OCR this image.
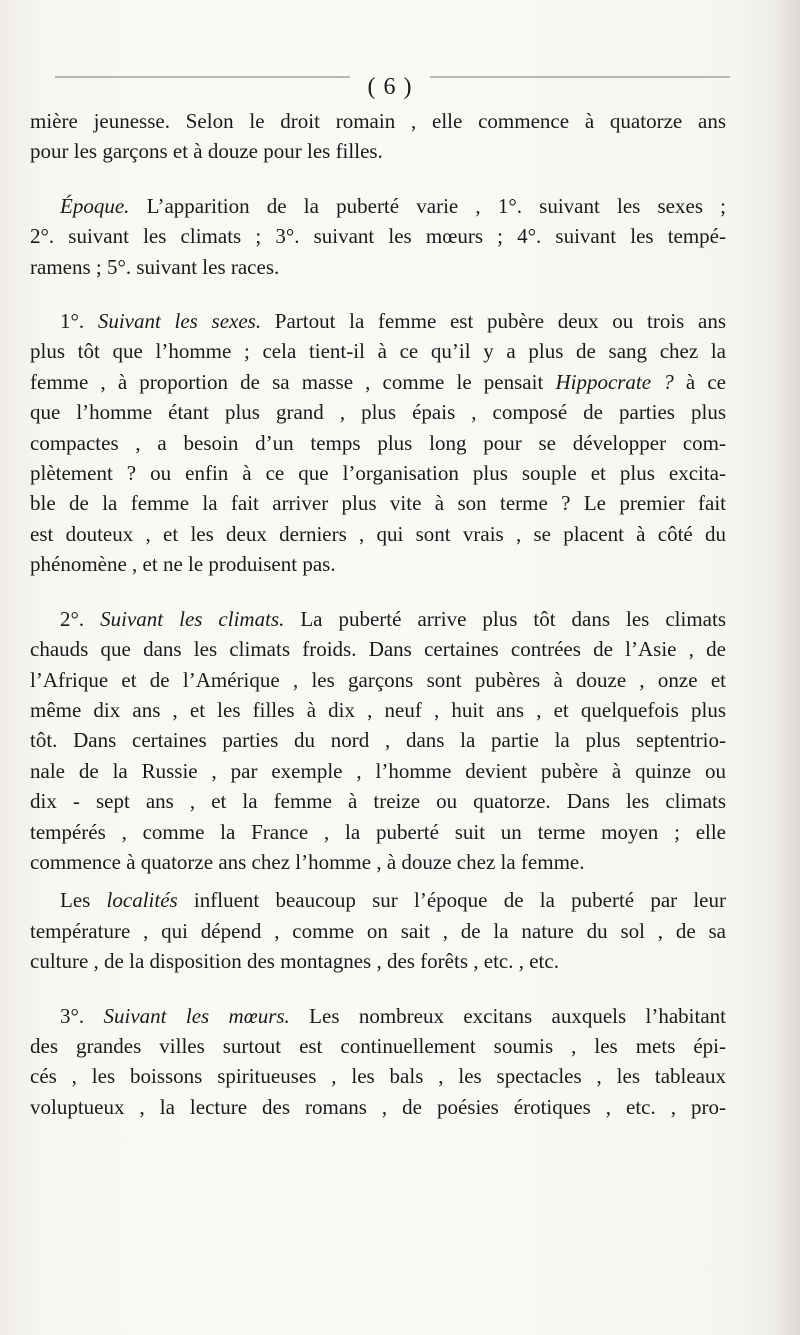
( 6 )
mière jeunesse. Selon le droit romain , elle commence à quatorze ans
pour les garçons et à douze pour les filles.
Époque. L’apparition de la puberté varie , 1°. suivant les sexes ;
2°. suivant les climats ; 3°. suivant les mœurs ; 4°. suivant les tempé-
ramens ; 5°. suivant les races.
1°. Suivant les sexes. Partout la femme est pubère deux ou trois ans
plus tôt que l’homme ; cela tient-il à ce qu’il y a plus de sang chez la
femme , à proportion de sa masse , comme le pensait Hippocrate ? à ce
que l’homme étant plus grand , plus épais , composé de parties plus
compactes , a besoin d’un temps plus long pour se développer com-
plètement ? ou enfin à ce que l’organisation plus souple et plus excita-
ble de la femme la fait arriver plus vite à son terme ? Le premier fait
est douteux , et les deux derniers , qui sont vrais , se placent à côté du
phénomène , et ne le produisent pas.
2°. Suivant les climats. La puberté arrive plus tôt dans les climats
chauds que dans les climats froids. Dans certaines contrées de l’Asie , de
l’Afrique et de l’Amérique , les garçons sont pubères à douze , onze et
même dix ans , et les filles à dix , neuf , huit ans , et quelquefois plus
tôt. Dans certaines parties du nord , dans la partie la plus septentrio-
nale de la Russie , par exemple , l’homme devient pubère à quinze ou
dix - sept ans , et la femme à treize ou quatorze. Dans les climats
tempérés , comme la France , la puberté suit un terme moyen ; elle
commence à quatorze ans chez l’homme , à douze chez la femme.
Les localités influent beaucoup sur l’époque de la puberté par leur
température , qui dépend , comme on sait , de la nature du sol , de sa
culture , de la disposition des montagnes , des forêts , etc. , etc.
3°. Suivant les mœurs. Les nombreux excitans auxquels l’habitant
des grandes villes surtout est continuellement soumis , les mets épi-
cés , les boissons spiritueuses , les bals , les spectacles , les tableaux
voluptueux , la lecture des romans , de poésies érotiques , etc. , pro-
